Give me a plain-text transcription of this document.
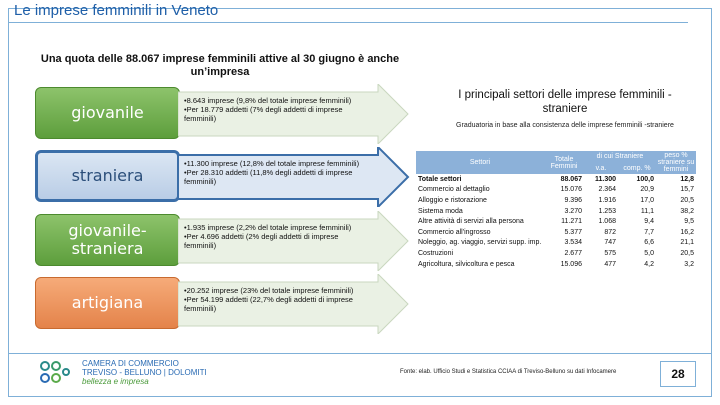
Le imprese femminili in Veneto
Una quota delle 88.067 imprese femminili attive al 30 giugno è anche un’impresa
giovanile
straniera
giovanile-straniera
artigiana
•8.643 imprese (9,8% del totale imprese femminili)
•Per 18.779 addetti (7% degli addetti di imprese
femminili)
•11.300 imprese (12,8% del totale imprese femminili)
•Per 28.310 addetti (11,8% degli addetti di imprese
femminili)
•1.935 imprese (2,2% del totale imprese femminili)
•Per 4.696 addetti (2% degli addetti di imprese
femminili)
•20.252 imprese (23% del totale imprese femminili)
•Per 54.199 addetti (22,7% degli addetti di imprese
femminili)
I principali settori delle imprese femminili -straniere
Graduatoria in base alla consistenza delle imprese femminili -straniere
Settori	Totale Femmini	di cui Straniere		peso % straniere su femmini
		v.a.	comp. %	
Totale settori	88.067	11.300	100,0	12,8
Commercio al dettaglio	15.076	2.364	20,9	15,7
Alloggio e ristorazione	9.396	1.916	17,0	20,5
Sistema moda	3.270	1.253	11,1	38,2
Altre attività di servizi alla persona	11.271	1.068	9,4	9,5
Commercio all'ingrosso	5.377	872	7,7	16,2
Noleggio, ag. viaggio, servizi supp. imp.	3.534	747	6,6	21,1
Costruzioni	2.677	575	5,0	20,5
Agricoltura, silvicoltura e pesca	15.096	477	4,2	3,2
CAMERA DI COMMERCIO
TREVISO - BELLUNO | DOLOMITI
bellezza e impresa
Fonte: elab. Ufficio Studi e Statistica CCIAA di Treviso-Belluno su dati Infocamere	28
